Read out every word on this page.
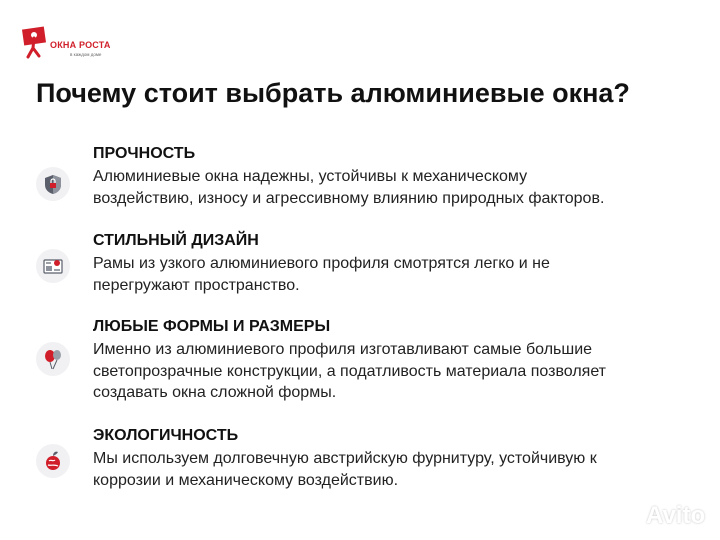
ОКНА РОСТА
в каждом доме
Почему стоит выбрать алюминиевые окна?
ПРОЧНОСТЬ
Алюминиевые окна надежны, устойчивы к механическому
воздействию, износу и агрессивному влиянию природных факторов.
СТИЛЬНЫЙ ДИЗАЙН
Рамы из узкого алюминиевого профиля смотрятся легко и не
перегружают пространство.
ЛЮБЫЕ ФОРМЫ И РАЗМЕРЫ
Именно из алюминиевого профиля изготавливают самые большие
светопрозрачные конструкции, а податливость материала позволяет
создавать окна сложной формы.
ЭКОЛОГИЧНОСТЬ
Мы используем долговечную австрийскую фурнитуру, устойчивую к
коррозии и механическому воздействию.
Avito
